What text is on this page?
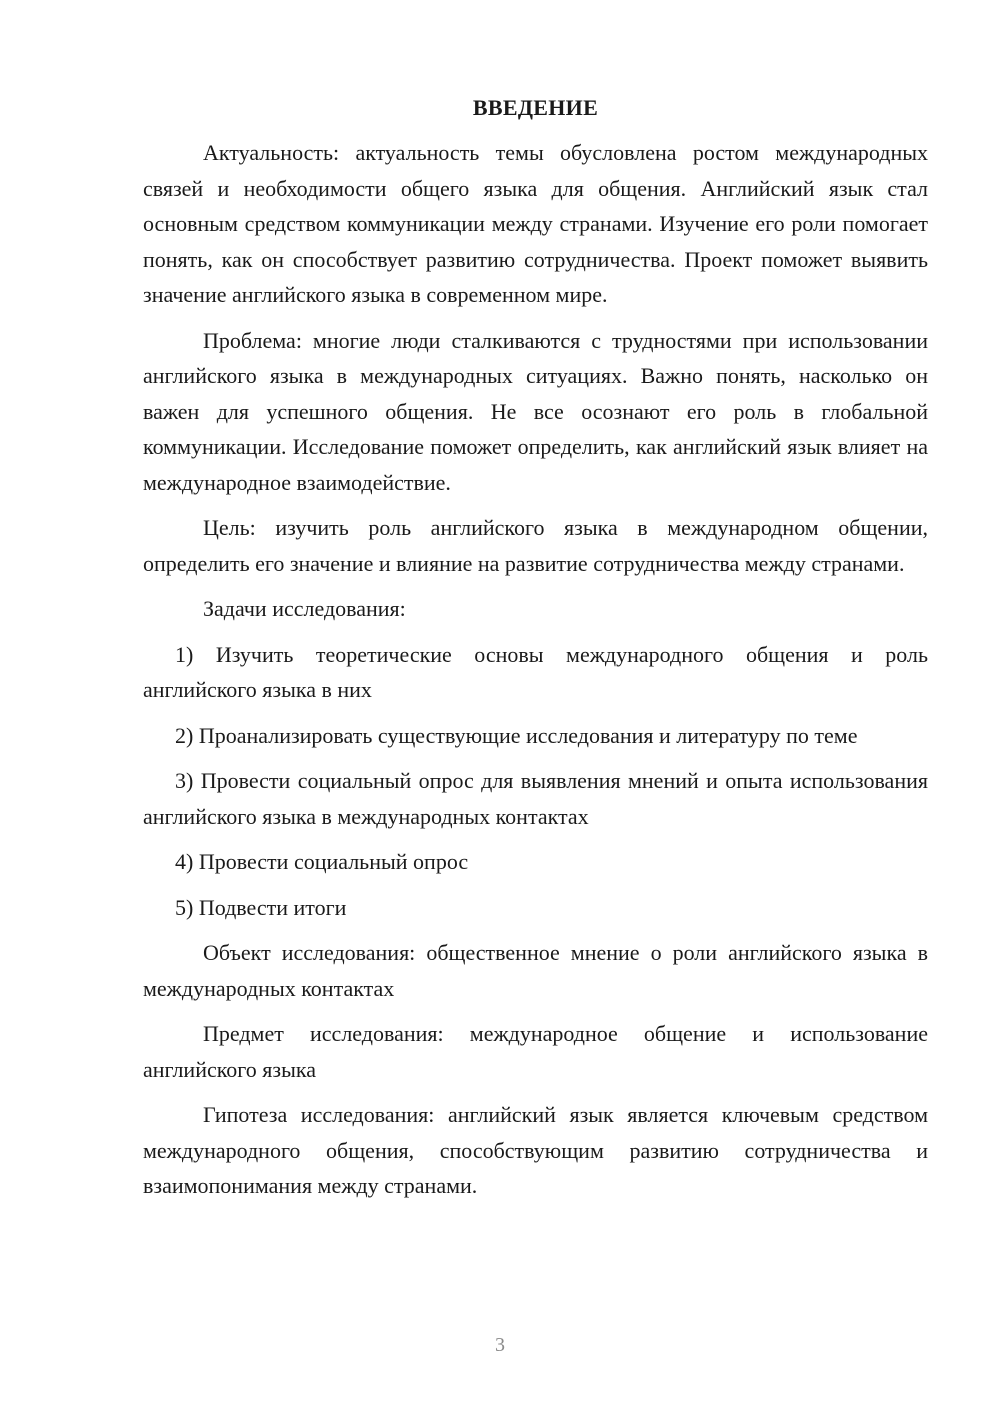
ВВЕДЕНИЕ

Актуальность: актуальность темы обусловлена ростом международных связей и необходимости общего языка для общения. Английский язык стал основным средством коммуникации между странами. Изучение его роли помогает понять, как он способствует развитию сотрудничества. Проект поможет выявить значение английского языка в современном мире.

Проблема: многие люди сталкиваются с трудностями при использовании английского языка в международных ситуациях. Важно понять, насколько он важен для успешного общения. Не все осознают его роль в глобальной коммуникации. Исследование поможет определить, как английский язык влияет на международное взаимодействие.

Цель: изучить роль английского языка в международном общении, определить его значение и влияние на развитие сотрудничества между странами.

Задачи исследования:

1) Изучить теоретические основы международного общения и роль английского языка в них

2) Проанализировать существующие исследования и литературу по теме

3) Провести социальный опрос для выявления мнений и опыта использования английского языка в международных контактах

4) Провести социальный опрос

5) Подвести итоги

Объект исследования: общественное мнение о роли английского языка в международных контактах

Предмет исследования: международное общение и использование английского языка

Гипотеза исследования: английский язык является ключевым средством международного общения, способствующим развитию сотрудничества и взаимопонимания между странами.

3
